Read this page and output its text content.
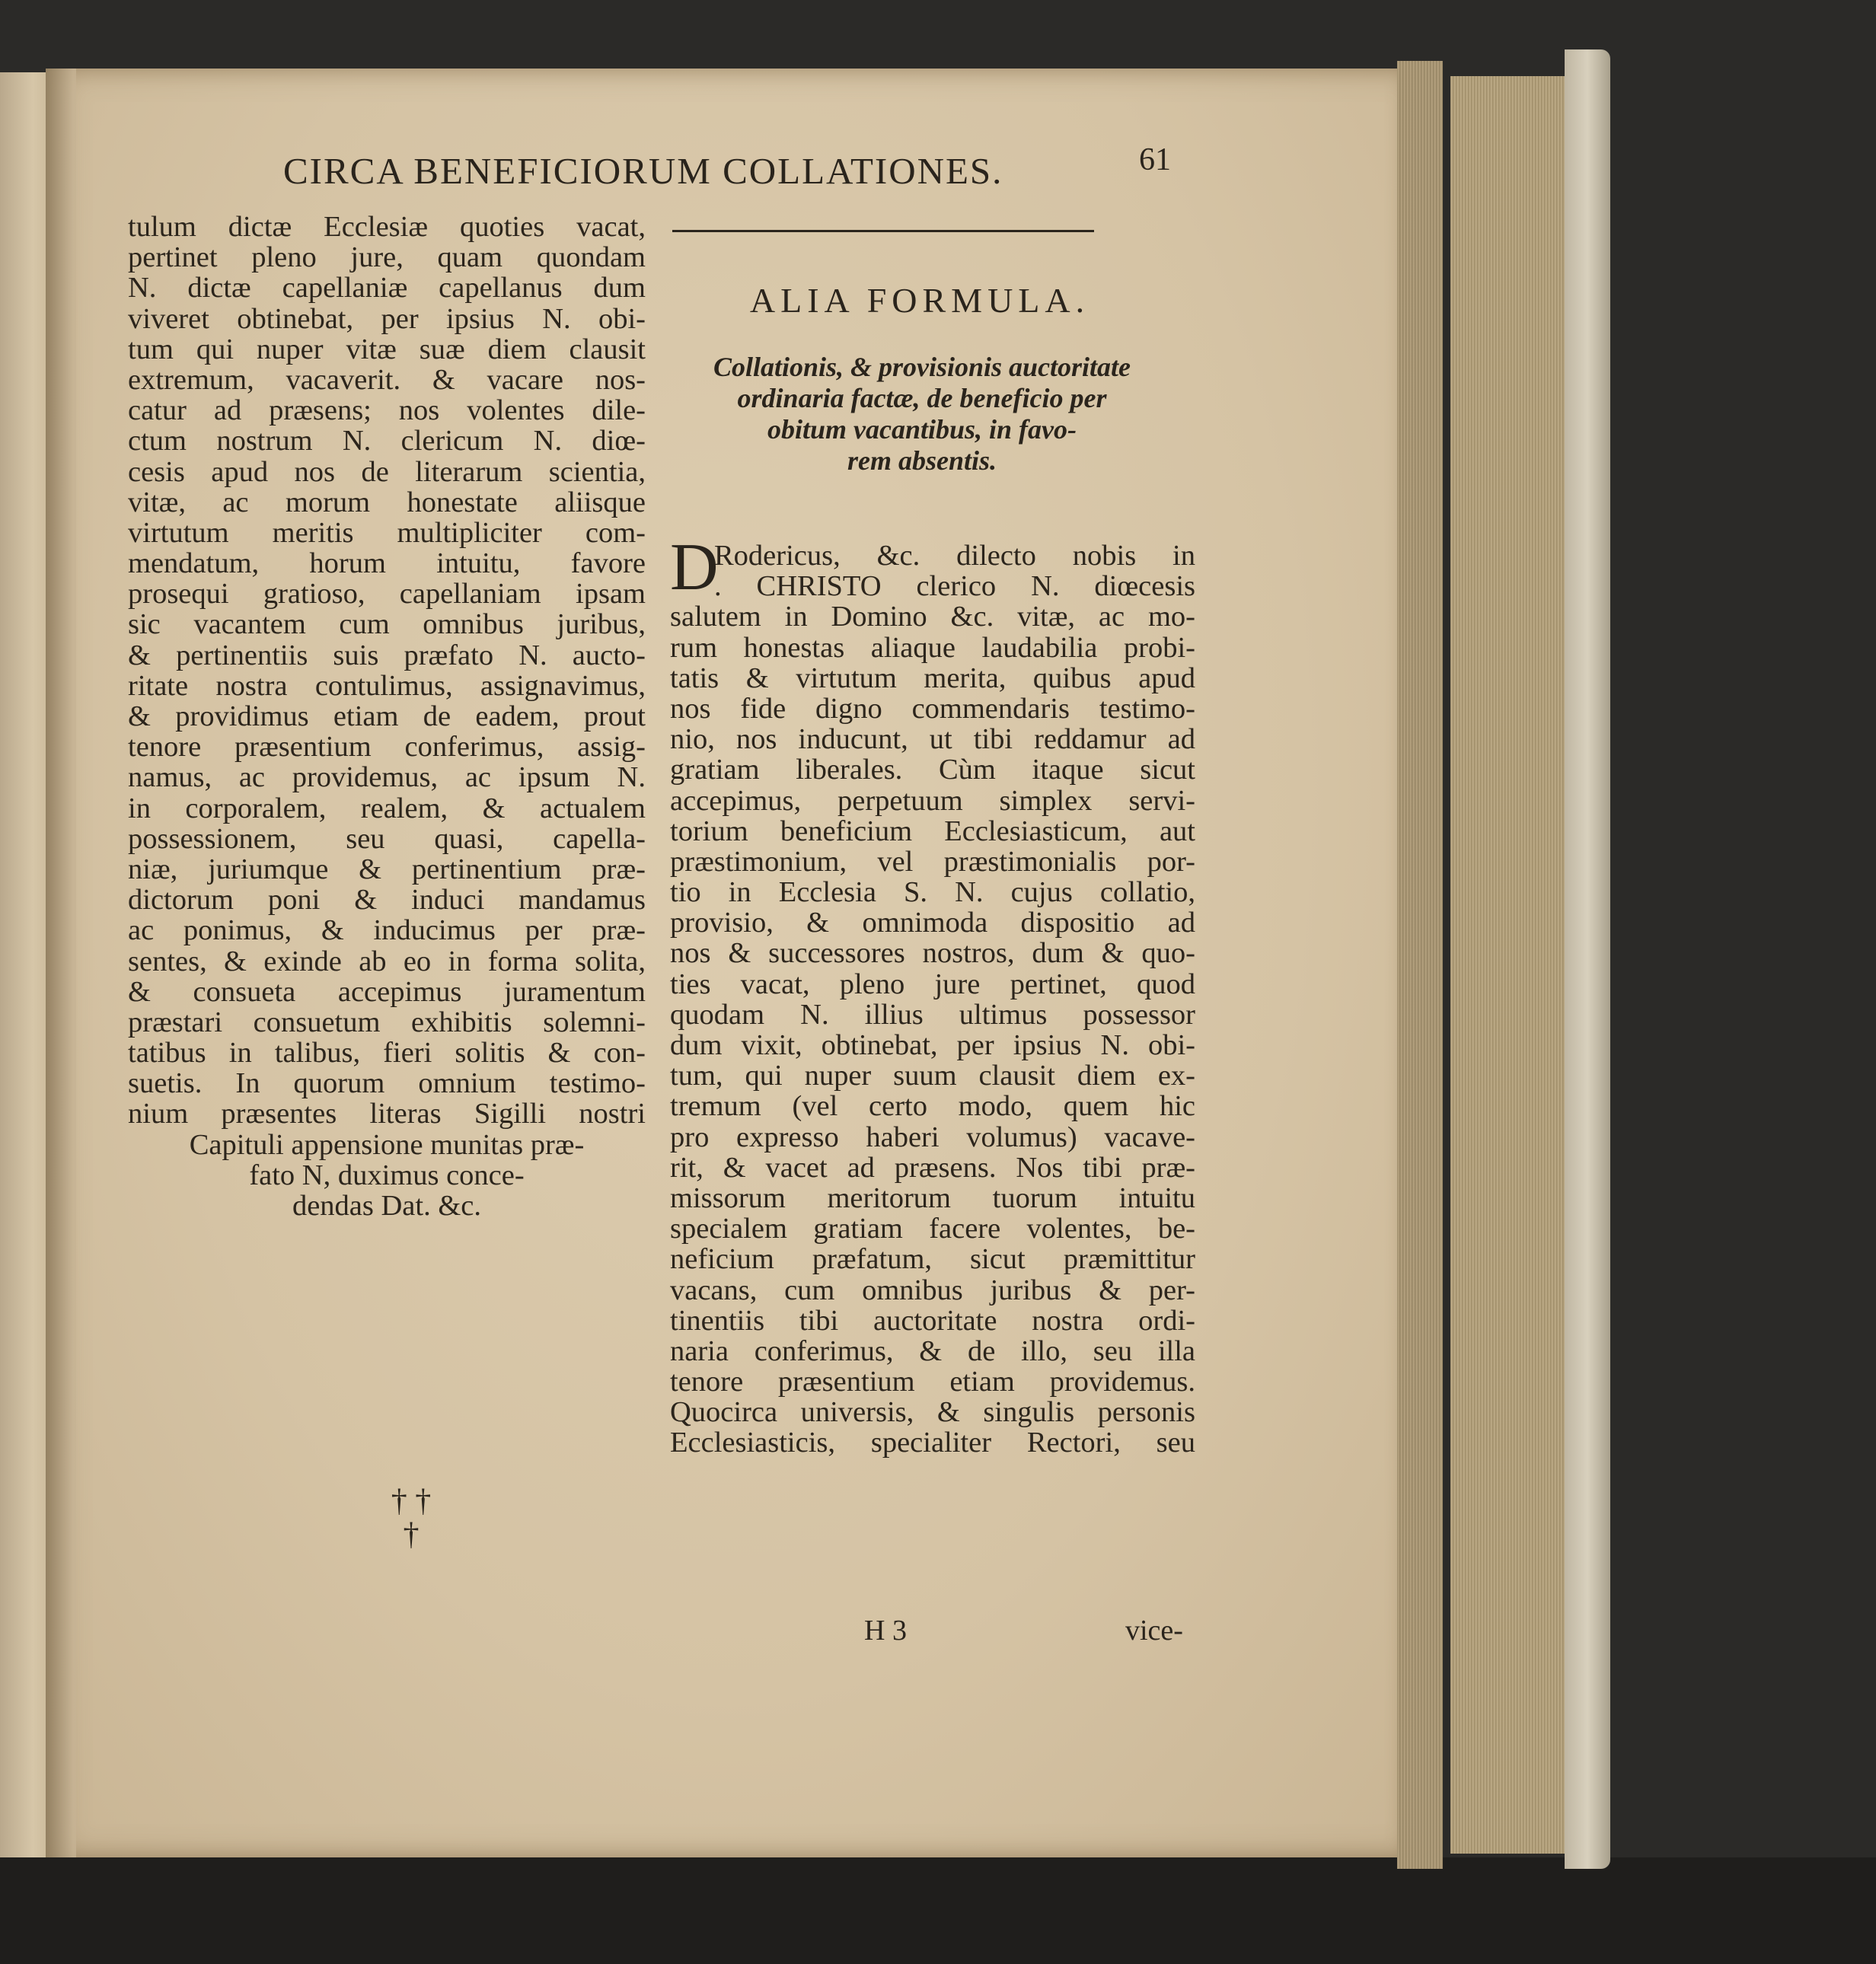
CIRCA BENEFICIORUM COLLATIONES.	61
tulum dictæ Ecclesiæ quoties vacat,
pertinet pleno jure, quam quondam
N. dictæ capellaniæ capellanus dum
viveret obtinebat, per ipsius N. obi-
tum qui nuper vitæ suæ diem clausit
extremum, vacaverit. & vacare nos-
catur ad præsens; nos volentes dile-
ctum nostrum N. clericum N. diœ-
cesis apud nos de literarum scientia,
vitæ, ac morum honestate aliisque
virtutum meritis multipliciter com-
mendatum, horum intuitu, favore
prosequi gratioso, capellaniam ipsam
sic vacantem cum omnibus juribus,
& pertinentiis suis præfato N. aucto-
ritate nostra contulimus, assignavimus,
& providimus etiam de eadem, prout
tenore præsentium conferimus, assig-
namus, ac providemus, ac ipsum N.
in corporalem, realem, & actualem
possessionem, seu quasi, capella-
niæ, juriumque & pertinentium præ-
dictorum poni & induci mandamus
ac ponimus, & inducimus per præ-
sentes, & exinde ab eo in forma solita,
& consueta accepimus juramentum
præstari consuetum exhibitis solemni-
tatibus in talibus, fieri solitis & con-
suetis. In quorum omnium testimo-
nium præsentes literas Sigilli nostri
Capituli appensione munitas præ-
fato N, duximus conce-
dendas Dat. &c.
† †
†
ALIA FORMULA.
Collationis, & provisionis auctoritate
ordinaria factæ, de beneficio per
obitum vacantibus, in favo-
rem absentis.
D
Rodericus, &c. dilecto nobis in
. CHRISTO clerico N. diœcesis
salutem in Domino &c. vitæ, ac mo-
rum honestas aliaque laudabilia probi-
tatis & virtutum merita, quibus apud
nos fide digno commendaris testimo-
nio, nos inducunt, ut tibi reddamur ad
gratiam liberales. Cùm itaque sicut
accepimus, perpetuum simplex servi-
torium beneficium Ecclesiasticum, aut
præstimonium, vel præstimonialis por-
tio in Ecclesia S. N. cujus collatio,
provisio, & omnimoda dispositio ad
nos & successores nostros, dum & quo-
ties vacat, pleno jure pertinet, quod
quodam N. illius ultimus possessor
dum vixit, obtinebat, per ipsius N. obi-
tum, qui nuper suum clausit diem ex-
tremum (vel certo modo, quem hic
pro expresso haberi volumus) vacave-
rit, & vacet ad præsens. Nos tibi præ-
missorum meritorum tuorum intuitu
specialem gratiam facere volentes, be-
neficium præfatum, sicut præmittitur
vacans, cum omnibus juribus & per-
tinentiis tibi auctoritate nostra ordi-
naria conferimus, & de illo, seu illa
tenore præsentium etiam providemus.
Quocirca universis, & singulis personis
Ecclesiasticis, specialiter Rectori, seu
H 3	vice-
